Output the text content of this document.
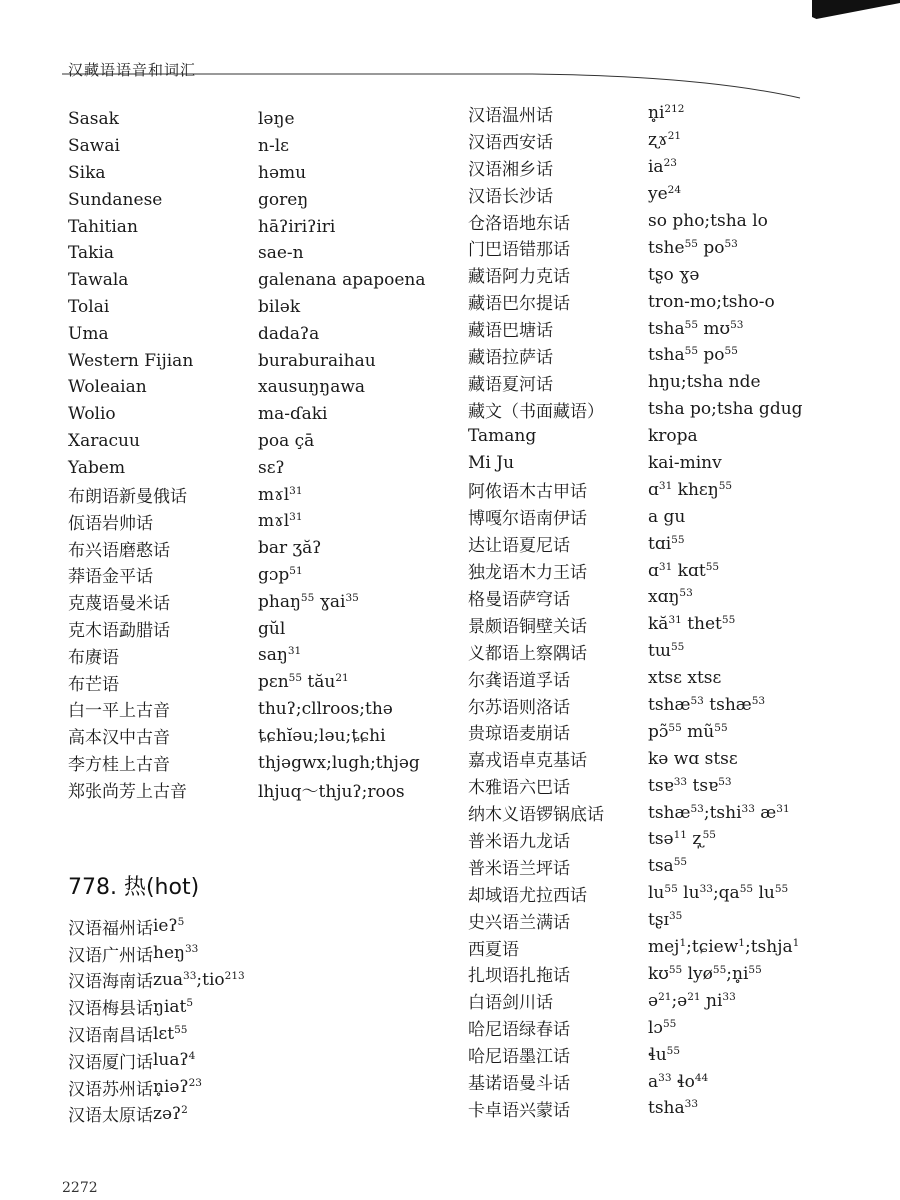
汉藏语语音和词汇
Sasak	ləŋe
Sawai	n-lɛ
Sika	həmu
Sundanese	goreŋ
Tahitian	hāʔiriʔiri
Takia	sae-n
Tawala	galenana apapoena
Tolai	bilək
Uma	dadaʔa
Western Fijian	buraburaihau
Woleaian	xausuŋŋawa
Wolio	ma-ɗaki
Xaracuu	poa çā
Yabem	sɛʔ
布朗语新曼俄话	mɤl$^{31}$
佤语岩帅话	mɤl$^{31}$
布兴语磨憨话	bar ʒăʔ
莽语金平话	gɔp$^{51}$
克蔑语曼米话	phaŋ$^{55}$ ɣai$^{35}$
克木语勐腊话	gŭl
布赓语	saŋ$^{31}$
布芒语	pɛn$^{55}$ tău$^{21}$
白一平上古音	thuʔ;cllroos;thə
高本汉中古音	ȶɕhĭəu;ləu;ȶɕhi
李方桂上古音	thjəgwx;lugh;thjəg
郑张尚芳上古音	lhjuq～thjuʔ;roos
778. 热(hot)
汉语福州话 ieʔ$^5$
汉语广州话 heŋ$^{33}$
汉语海南话 zua$^{33}$;tio$^{213}$
汉语梅县话 ŋiat$^5$
汉语南昌话 lɛt$^{55}$
汉语厦门话 luaʔ$^4$
汉语苏州话 n̥iəʔ$^{23}$
汉语太原话 zəʔ$^2$
汉语温州话	$n̥i^{212}$
汉语西安话	ʐɤ$^{21}$
汉语湘乡话	$ia^{23}$
汉语长沙话	$ye^{24}$
仓洛语地东话	so pho;tsha lo
门巴语错那话	tshe$^{55}$ $po^{53}$
藏语阿力克话	tʂo ɣə
藏语巴尔提话	tron-mo;tsho-o
藏语巴塘话	tsha$^{55}$ mʊ$^{53}$
藏语拉萨话	tsha$^{55}$ $po^{55}$
藏语夏河话	hŋu;tsha nde
藏文（书面藏语）	tsha po;tsha gdug
Tamang	kropa
Mi Ju	kai-minv
阿侬语木古甲话	ɑ$^{31}$ khɛŋ$^{55}$
博嘎尔语南伊话	a gu
达让语夏尼话	tɑi$^{55}$
独龙语木力王话	ɑ$^{31}$ kɑt$^{55}$
格曼语萨穹话	xɑŋ$^{53}$
景颇语铜壁关话	$kă^{31}$ thet$^{55}$
义都语上察隅话	tɯ$^{55}$
尔龚语道孚话	xtsɛ xtsɛ
尔苏语则洛话	tshæ$^{53}$ tshæ$^{53}$
贵琼语麦崩话	pɔ̃$^{55}$ $mũ^{55}$
嘉戎语卓克基话	kə wɑ stsɛ
木雅语六巴话	tsɐ$^{33}$ tsɐ$^{53}$
纳木义语锣锅底话	tshæ$^{53}$;tshi$^{33}$ $æ^{31}$
普米语九龙话	tsə$^{11}$ ʐ̩$^{55}$
普米语兰坪话	tsa$^{55}$
却域语尤拉西话	$lu^{55}$ $lu^{33};qa^{55}$ $lu^{55}$
史兴语兰满话	tʂɪ$^{35}$
西夏语	mej$^1$;tɕiew$^1$;tshja$^1$
扎坝语扎拖话	kʊ$^{55}$ $lyø^{55};n̥i^{55}$
白语剑川话	ə$^{21}$;ə$^{21}$ ɲi$^{33}$
哈尼语绿春话	lɔ$^{55}$
哈尼语墨江话	ɬu$^{55}$
基诺语曼斗话	$a^{33}$ ɬo$^{44}$
卡卓语兴蒙话	tsha$^{33}$
2272
